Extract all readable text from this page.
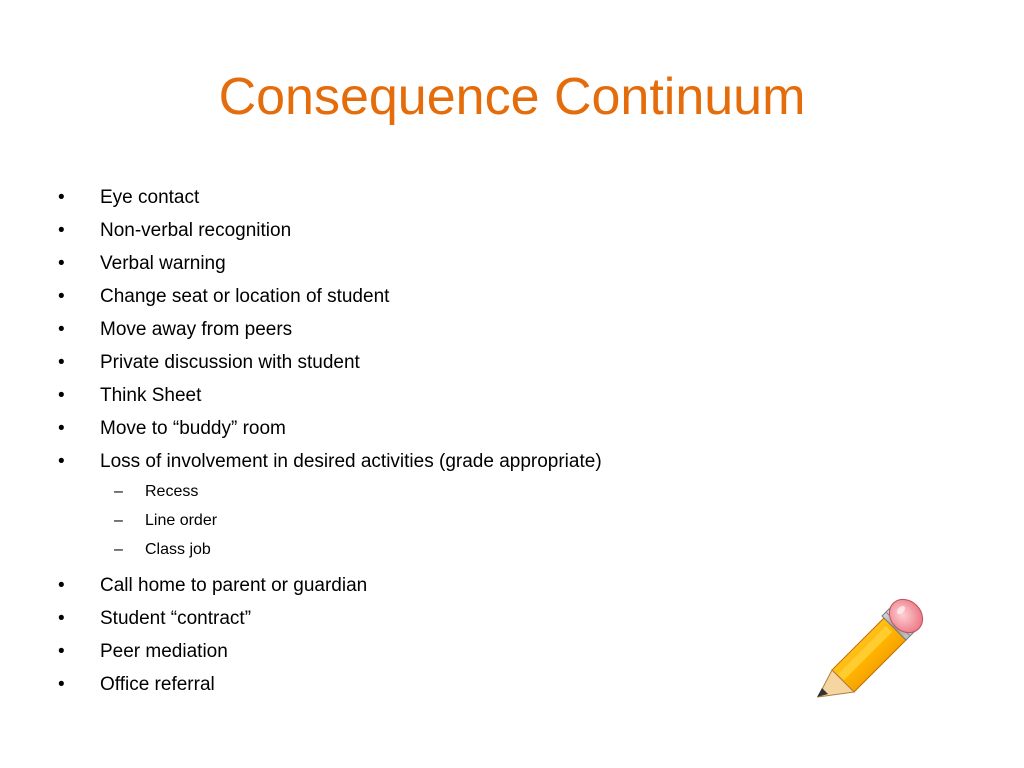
Consequence Continuum
•	Eye contact
•	Non-verbal recognition
•	Verbal warning
•	Change seat or location of student
•	Move away from peers
•	Private discussion with student
•	Think Sheet
•	Move to “buddy” room
•	Loss of involvement in desired activities (grade appropriate)
– Recess
– Line order
– Class job
•	Call home to parent or guardian
•	Student “contract”
•	Peer mediation
•	Office referral
